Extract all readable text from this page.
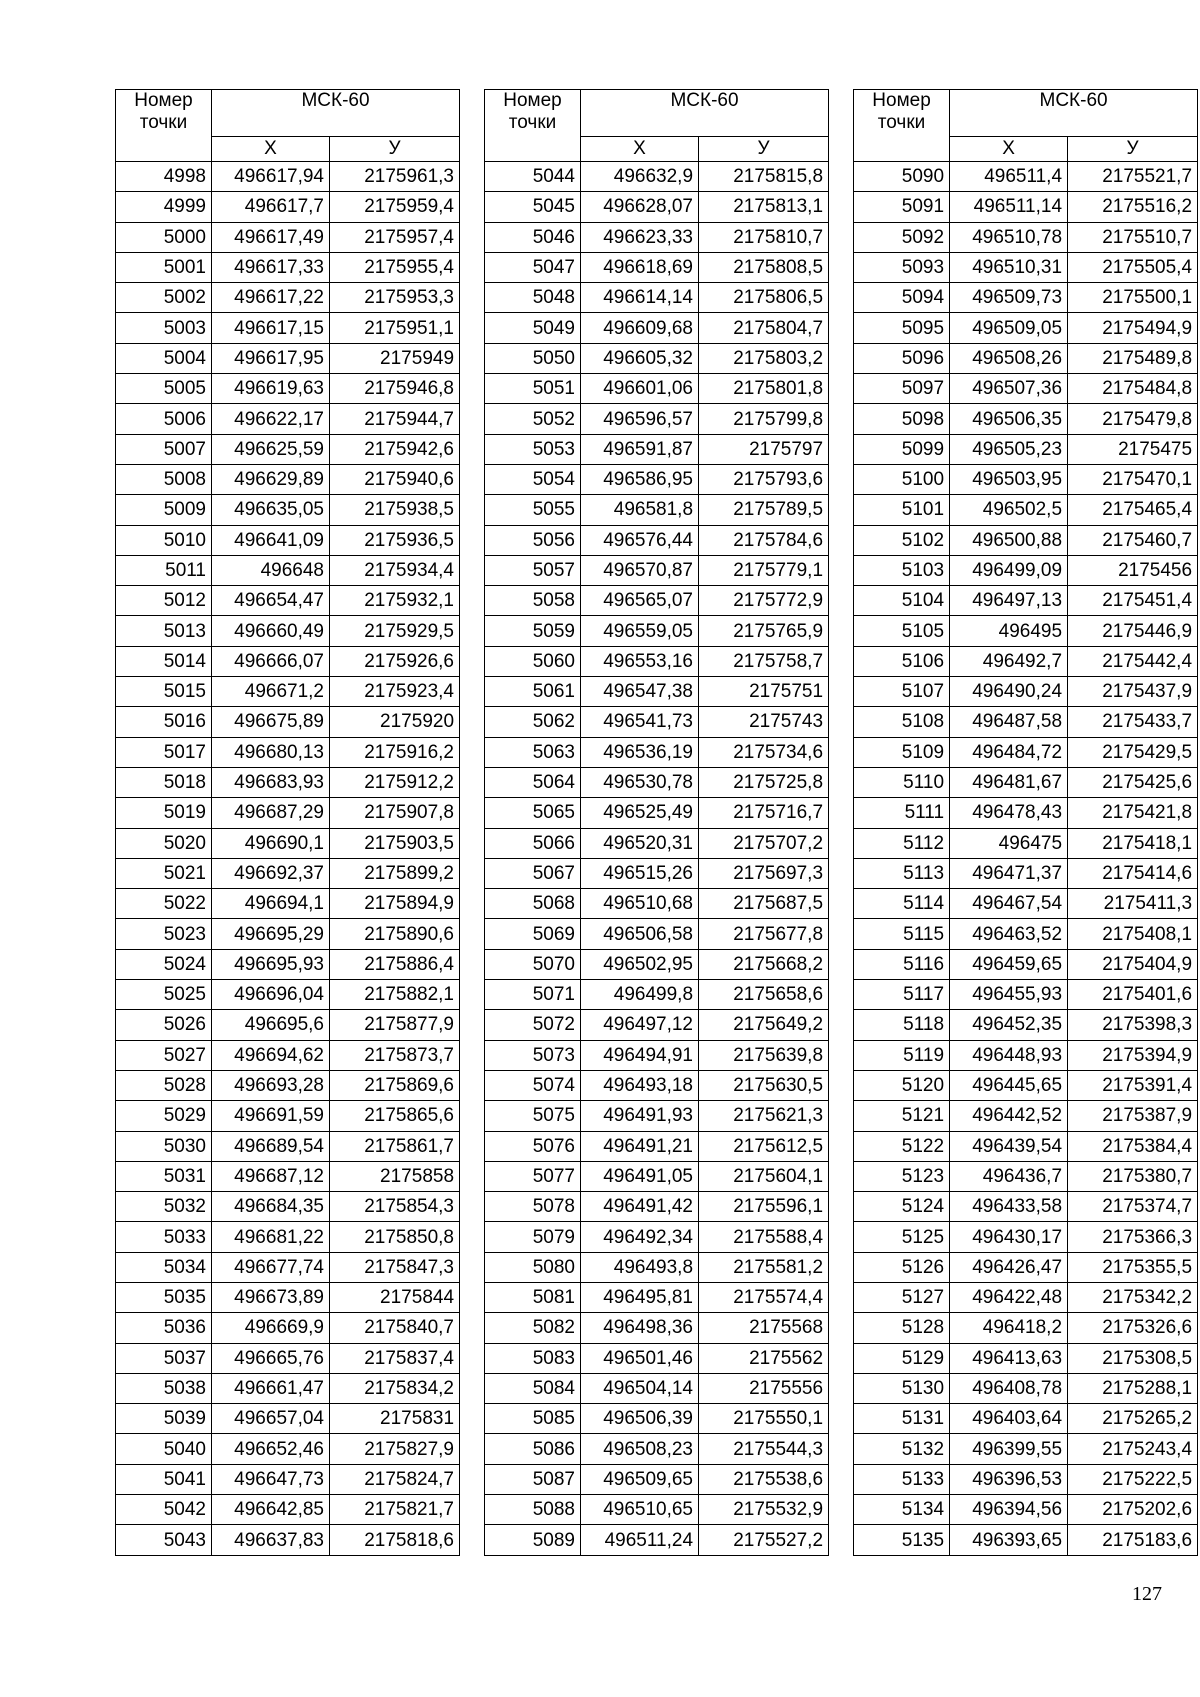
Номер
точки	МСК-60	
	Х	У
4998	496617,94	2175961,3
4999	496617,7	2175959,4
5000	496617,49	2175957,4
5001	496617,33	2175955,4
5002	496617,22	2175953,3
5003	496617,15	2175951,1
5004	496617,95	2175949
5005	496619,63	2175946,8
5006	496622,17	2175944,7
5007	496625,59	2175942,6
5008	496629,89	2175940,6
5009	496635,05	2175938,5
5010	496641,09	2175936,5
5011	496648	2175934,4
5012	496654,47	2175932,1
5013	496660,49	2175929,5
5014	496666,07	2175926,6
5015	496671,2	2175923,4
5016	496675,89	2175920
5017	496680,13	2175916,2
5018	496683,93	2175912,2
5019	496687,29	2175907,8
5020	496690,1	2175903,5
5021	496692,37	2175899,2
5022	496694,1	2175894,9
5023	496695,29	2175890,6
5024	496695,93	2175886,4
5025	496696,04	2175882,1
5026	496695,6	2175877,9
5027	496694,62	2175873,7
5028	496693,28	2175869,6
5029	496691,59	2175865,6
5030	496689,54	2175861,7
5031	496687,12	2175858
5032	496684,35	2175854,3
5033	496681,22	2175850,8
5034	496677,74	2175847,3
5035	496673,89	2175844
5036	496669,9	2175840,7
5037	496665,76	2175837,4
5038	496661,47	2175834,2
5039	496657,04	2175831
5040	496652,46	2175827,9
5041	496647,73	2175824,7
5042	496642,85	2175821,7
5043	496637,83	2175818,6
Номер
точки	МСК-60	
	Х	У
5044	496632,9	2175815,8
5045	496628,07	2175813,1
5046	496623,33	2175810,7
5047	496618,69	2175808,5
5048	496614,14	2175806,5
5049	496609,68	2175804,7
5050	496605,32	2175803,2
5051	496601,06	2175801,8
5052	496596,57	2175799,8
5053	496591,87	2175797
5054	496586,95	2175793,6
5055	496581,8	2175789,5
5056	496576,44	2175784,6
5057	496570,87	2175779,1
5058	496565,07	2175772,9
5059	496559,05	2175765,9
5060	496553,16	2175758,7
5061	496547,38	2175751
5062	496541,73	2175743
5063	496536,19	2175734,6
5064	496530,78	2175725,8
5065	496525,49	2175716,7
5066	496520,31	2175707,2
5067	496515,26	2175697,3
5068	496510,68	2175687,5
5069	496506,58	2175677,8
5070	496502,95	2175668,2
5071	496499,8	2175658,6
5072	496497,12	2175649,2
5073	496494,91	2175639,8
5074	496493,18	2175630,5
5075	496491,93	2175621,3
5076	496491,21	2175612,5
5077	496491,05	2175604,1
5078	496491,42	2175596,1
5079	496492,34	2175588,4
5080	496493,8	2175581,2
5081	496495,81	2175574,4
5082	496498,36	2175568
5083	496501,46	2175562
5084	496504,14	2175556
5085	496506,39	2175550,1
5086	496508,23	2175544,3
5087	496509,65	2175538,6
5088	496510,65	2175532,9
5089	496511,24	2175527,2
Номер
точки	МСК-60	
	Х	У
5090	496511,4	2175521,7
5091	496511,14	2175516,2
5092	496510,78	2175510,7
5093	496510,31	2175505,4
5094	496509,73	2175500,1
5095	496509,05	2175494,9
5096	496508,26	2175489,8
5097	496507,36	2175484,8
5098	496506,35	2175479,8
5099	496505,23	2175475
5100	496503,95	2175470,1
5101	496502,5	2175465,4
5102	496500,88	2175460,7
5103	496499,09	2175456
5104	496497,13	2175451,4
5105	496495	2175446,9
5106	496492,7	2175442,4
5107	496490,24	2175437,9
5108	496487,58	2175433,7
5109	496484,72	2175429,5
5110	496481,67	2175425,6
5111	496478,43	2175421,8
5112	496475	2175418,1
5113	496471,37	2175414,6
5114	496467,54	2175411,3
5115	496463,52	2175408,1
5116	496459,65	2175404,9
5117	496455,93	2175401,6
5118	496452,35	2175398,3
5119	496448,93	2175394,9
5120	496445,65	2175391,4
5121	496442,52	2175387,9
5122	496439,54	2175384,4
5123	496436,7	2175380,7
5124	496433,58	2175374,7
5125	496430,17	2175366,3
5126	496426,47	2175355,5
5127	496422,48	2175342,2
5128	496418,2	2175326,6
5129	496413,63	2175308,5
5130	496408,78	2175288,1
5131	496403,64	2175265,2
5132	496399,55	2175243,4
5133	496396,53	2175222,5
5134	496394,56	2175202,6
5135	496393,65	2175183,6
127
